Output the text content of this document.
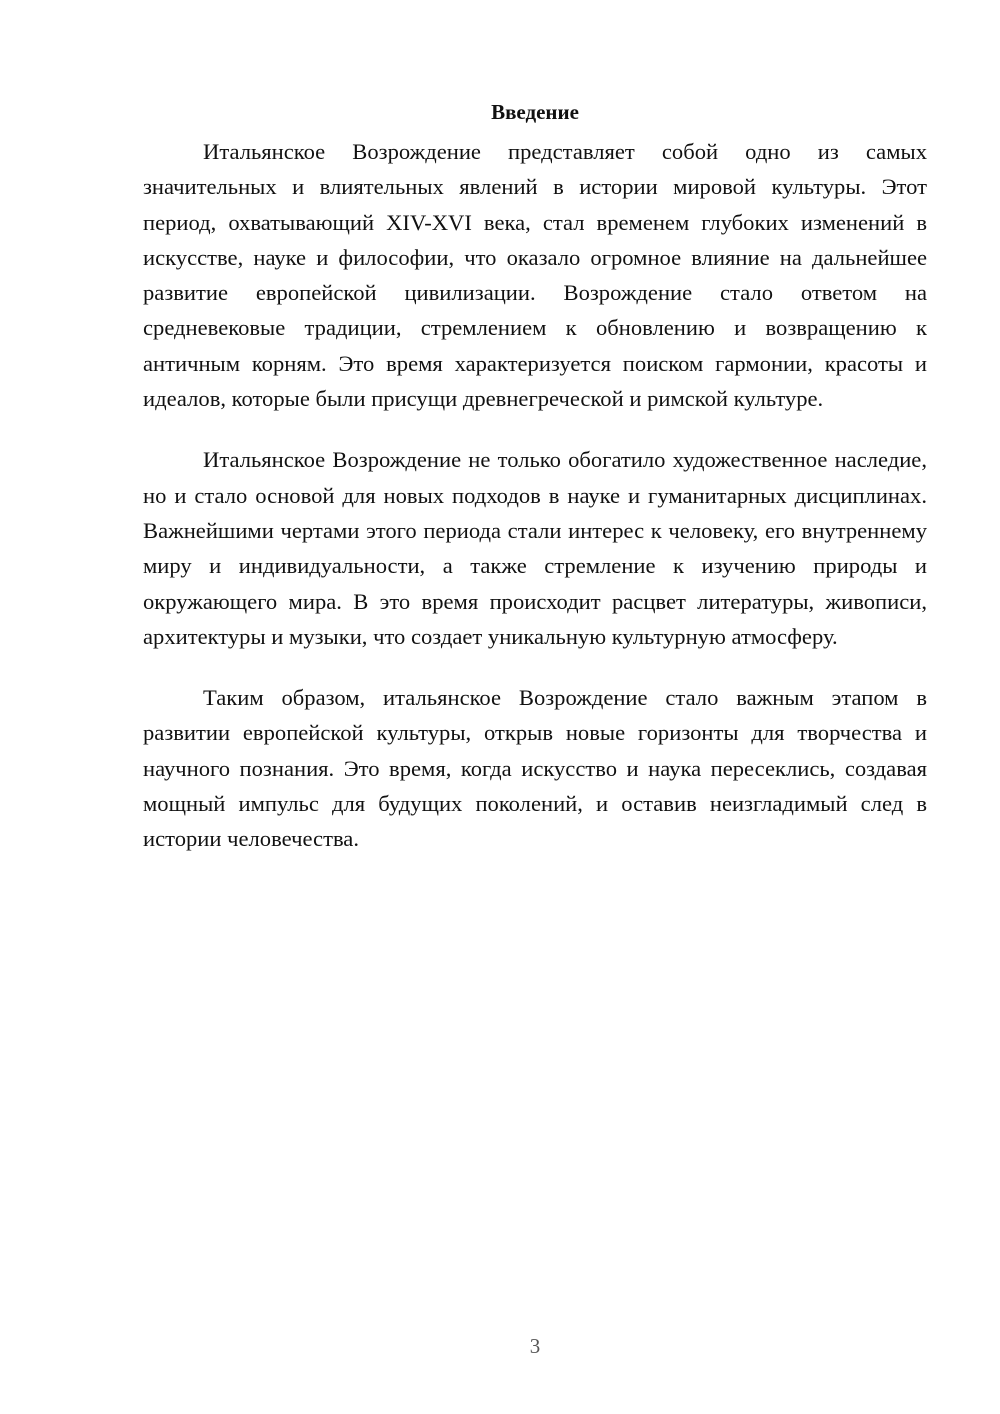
Введение

Итальянское Возрождение представляет собой одно из самых значительных и влиятельных явлений в истории мировой культуры. Этот период, охватывающий XIV-XVI века, стал временем глубоких изменений в искусстве, науке и философии, что оказало огромное влияние на дальнейшее развитие европейской цивилизации. Возрождение стало ответом на средневековые традиции, стремлением к обновлению и возвращению к античным корням. Это время характеризуется поиском гармонии, красоты и идеалов, которые были присущи древнегреческой и римской культуре.

Итальянское Возрождение не только обогатило художественное наследие, но и стало основой для новых подходов в науке и гуманитарных дисциплинах. Важнейшими чертами этого периода стали интерес к человеку, его внутреннему миру и индивидуальности, а также стремление к изучению природы и окружающего мира. В это время происходит расцвет литературы, живописи, архитектуры и музыки, что создает уникальную культурную атмосферу.

Таким образом, итальянское Возрождение стало важным этапом в развитии европейской культуры, открыв новые горизонты для творчества и научного познания. Это время, когда искусство и наука пересеклись, создавая мощный импульс для будущих поколений, и оставив неизгладимый след в истории человечества.

3
